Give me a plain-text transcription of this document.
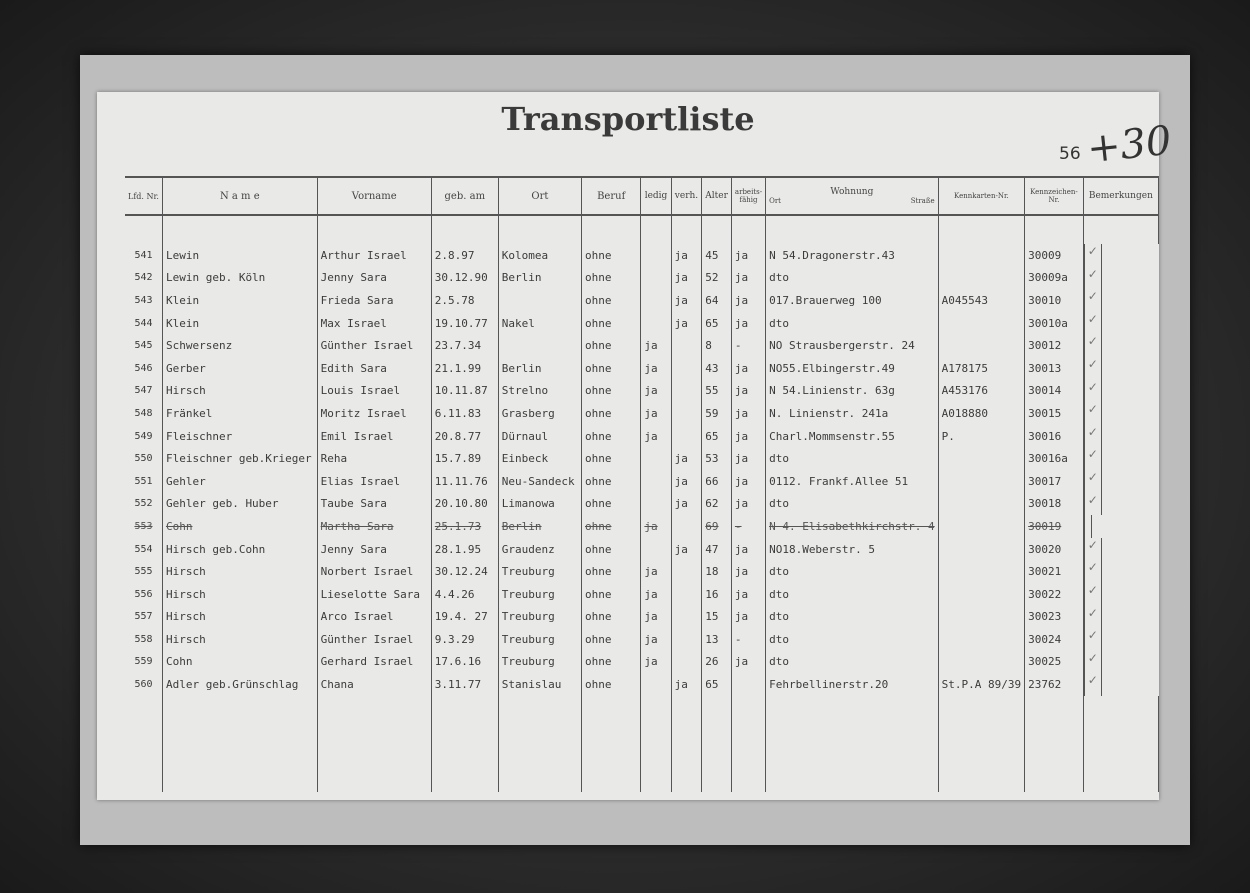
Transportliste
56 +30
Lfd. Nr.	N a m e	Vorname	geb. am	Ort	Beruf	ledig	verh.	Alter	arbeits-fähig	Wohnung
Ort Straße	Kennkarten-Nr.	Kennzeichen-Nr.	Bemerkungen

541	Lewin	Arthur Israel	2.8.97	Kolomea	ohne		ja	45	ja	N 54.Dragonerstr.43		30009	✓
542	Lewin geb. Köln	Jenny Sara	30.12.90	Berlin	ohne		ja	52	ja	dto		30009a	✓
543	Klein	Frieda Sara	2.5.78		ohne		ja	64	ja	017.Brauerweg 100	A045543	30010	✓
544	Klein	Max Israel	19.10.77	Nakel	ohne		ja	65	ja	dto		30010a	✓
545	Schwersenz	Günther Israel	23.7.34		ohne	ja		8	-	NO Strausbergerstr. 24		30012	✓
546	Gerber	Edith Sara	21.1.99	Berlin	ohne	ja		43	ja	NO55.Elbingerstr.49	A178175	30013	✓
547	Hirsch	Louis Israel	10.11.87	Strelno	ohne	ja		55	ja	N 54.Linienstr. 63g	A453176	30014	✓
548	Fränkel	Moritz Israel	6.11.83	Grasberg	ohne	ja		59	ja	N. Linienstr. 241a	A018880	30015	✓
549	Fleischner	Emil Israel	20.8.77	Dürnaul	ohne	ja		65	ja	Charl.Mommsenstr.55	P.	30016	✓
550	Fleischner geb.Krieger	Reha	15.7.89	Einbeck	ohne		ja	53	ja	dto		30016a	✓
551	Gehler	Elias Israel	11.11.76	Neu-Sandeck	ohne		ja	66	ja	0112. Frankf.Allee 51		30017	✓
552	Gehler geb. Huber	Taube Sara	20.10.80	Limanowa	ohne		ja	62	ja	dto		30018	✓
553	Cohn	Martha Sara	25.1.73	Berlin	ohne	ja		69	-	N 4. Elisabethkirchstr. 4		30019	
554	Hirsch geb.Cohn	Jenny Sara	28.1.95	Graudenz	ohne		ja	47	ja	NO18.Weberstr. 5		30020	✓
555	Hirsch	Norbert Israel	30.12.24	Treuburg	ohne	ja		18	ja	dto		30021	✓
556	Hirsch	Lieselotte Sara	4.4.26	Treuburg	ohne	ja		16	ja	dto		30022	✓
557	Hirsch	Arco Israel	19.4. 27	Treuburg	ohne	ja		15	ja	dto		30023	✓
558	Hirsch	Günther Israel	9.3.29	Treuburg	ohne	ja		13	-	dto		30024	✓
559	Cohn	Gerhard Israel	17.6.16	Treuburg	ohne	ja		26	ja	dto		30025	✓
560	Adler geb.Grünschlag	Chana	3.11.77	Stanislau	ohne		ja	65		Fehrbellinerstr.20	St.P.A 89/39	23762	✓
